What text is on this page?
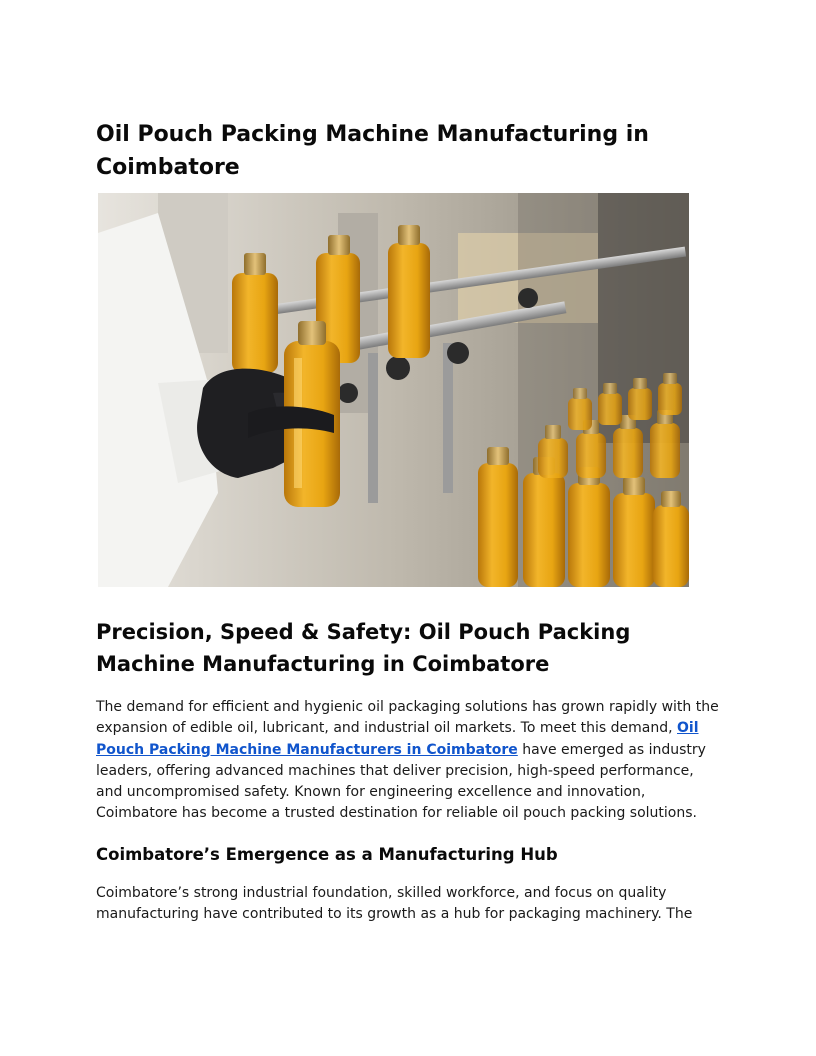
Oil Pouch Packing Machine Manufacturing in Coimbatore
Precision, Speed & Safety: Oil Pouch Packing Machine Manufacturing in Coimbatore

The demand for efficient and hygienic oil packaging solutions has grown rapidly with the expansion of edible oil, lubricant, and industrial oil markets. To meet this demand, Oil Pouch Packing Machine Manufacturers in Coimbatore have emerged as industry leaders, offering advanced machines that deliver precision, high-speed performance, and uncompromised safety. Known for engineering excellence and innovation, Coimbatore has become a trusted destination for reliable oil pouch packing solutions.

Coimbatore’s Emergence as a Manufacturing Hub

Coimbatore’s strong industrial foundation, skilled workforce, and focus on quality manufacturing have contributed to its growth as a hub for packaging machinery. The
